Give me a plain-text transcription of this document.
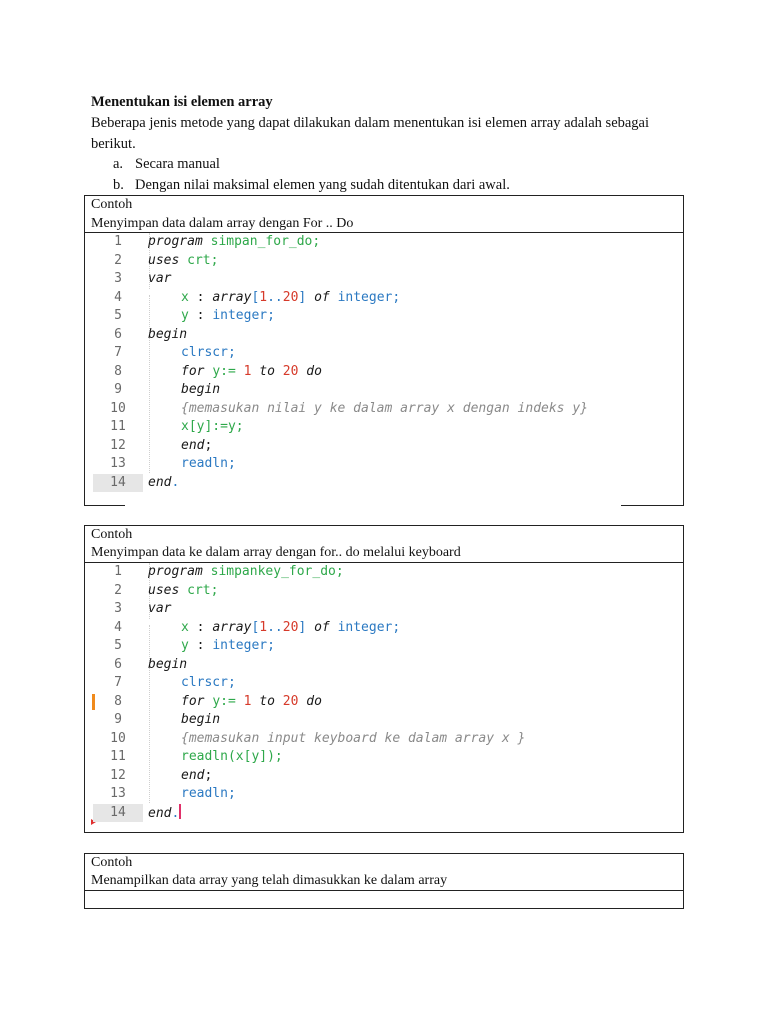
Menentukan isi elemen array
Beberapa jenis metode yang dapat dilakukan dalam menentukan isi elemen array adalah sebagai berikut.
a. Secara manual
b. Dengan nilai maksimal elemen yang sudah ditentukan dari awal.
Contoh
Menyimpan data dalam array dengan For .. Do
1	program simpan_for_do;
2	uses crt;
3	var
4	x : array[1..20] of integer;
5	y : integer;
6	begin
7	clrscr;
8	for y:= 1 to 20 do
9	begin
10	{memasukan nilai y ke dalam array x dengan indeks y}
11	x[y]:=y;
12	end;
13	readln;
14	end.
Contoh
Menyimpan data ke dalam array dengan for.. do melalui keyboard
1	program simpankey_for_do;
2	uses crt;
3	var
4	x : array[1..20] of integer;
5	y : integer;
6	begin
7	clrscr;
8	for y:= 1 to 20 do
9	begin
10	{memasukan input keyboard ke dalam array x }
11	readln(x[y]);
12	end;
13	readln;
14	end.
Contoh
Menampilkan data array yang telah dimasukkan ke dalam array
